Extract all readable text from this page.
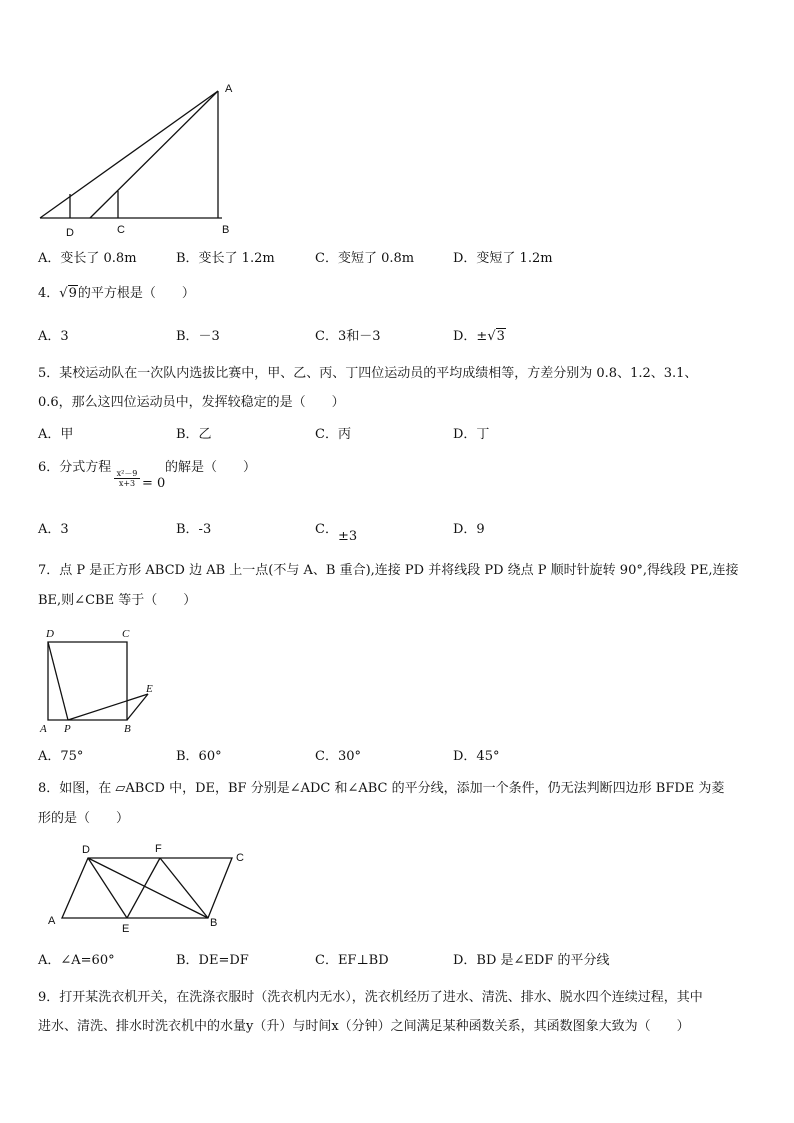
A
B
C
D
A．变长了 0.8m	B．变长了 1.2m	C．变短了 0.8m	D．变短了 1.2m
4．√9的平方根是（　　）
A．3	B．－3	C．3和－3	D．±√3
5．某校运动队在一次队内选拔比赛中，甲、乙、丙、丁四位运动员的平均成绩相等，方差分别为 0.8、1.2、3.1、
0.6，那么这四位运动员中，发挥较稳定的是（　　）
A．甲	B．乙	C．丙	D．丁
6．分式方程
$\frac{\text{x²－9}}{x+3} = 0$
的解是（　　）
A．3	B．-3	C． ±3	D．9
7．点 P 是正方形 ABCD 边 AB 上一点(不与 A、B 重合),连接 PD 并将线段 PD 绕点 P 顺时针旋转 90°,得线段 PE,连接
BE,则∠CBE 等于（　　）
D	C
E
A P	B
A．75°	B．60°	C．30°	D．45°
8．如图，在 ▱ABCD 中，DE，BF 分别是∠ADC 和∠ABC 的平分线，添加一个条件，仍无法判断四边形 BFDE 为菱
形的是（　　）
D	F
C
A
E	B
A．∠A=60°	B．DE=DF	C．EF⊥BD	D．BD 是∠EDF 的平分线
9．打开某洗衣机开关，在洗涤衣服时（洗衣机内无水），洗衣机经历了进水、清洗、排水、脱水四个连续过程，其中
进水、清洗、排水时洗衣机中的水量y（升）与时间x（分钟）之间满足某种函数关系，其函数图象大致为（　　）
